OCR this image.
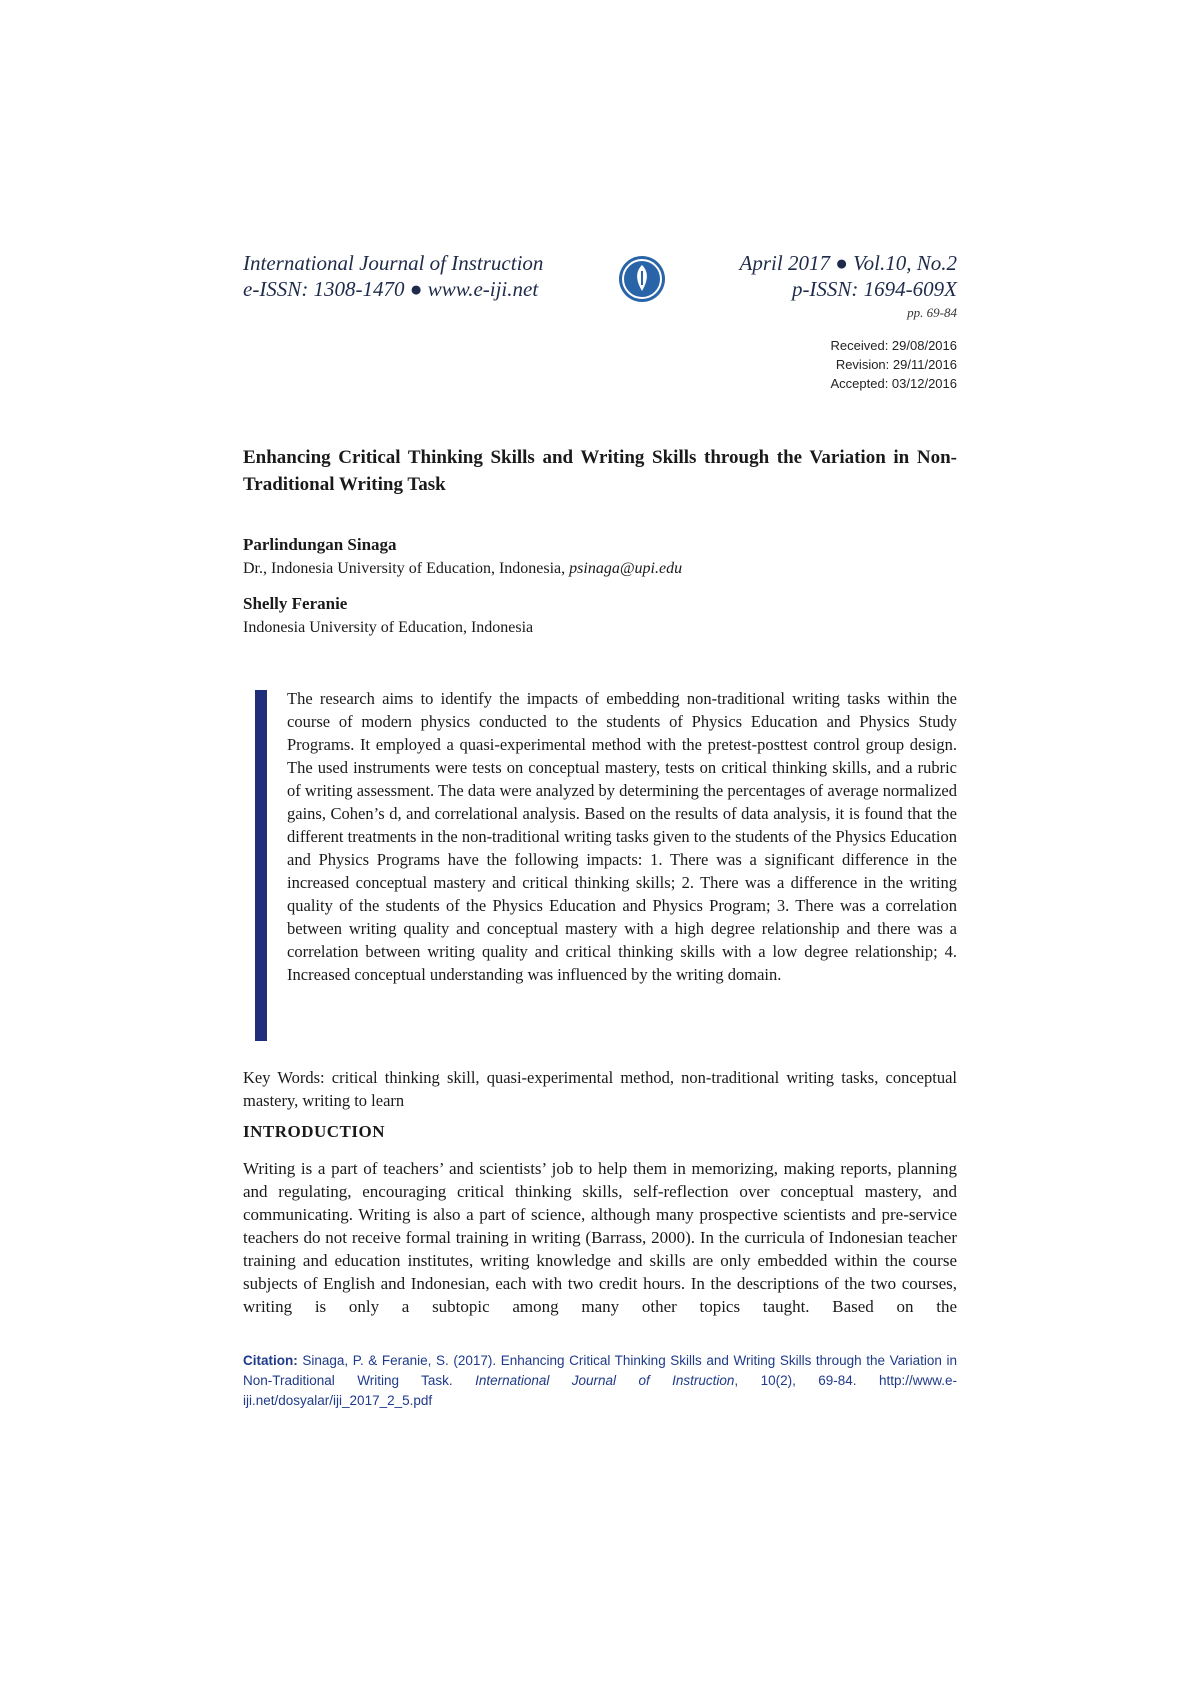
International Journal of Instruction
e-ISSN: 1308-1470 ● www.e-iji.net
April 2017 ● Vol.10, No.2
p-ISSN: 1694-609X
pp. 69-84
Received: 29/08/2016
Revision: 29/11/2016
Accepted: 03/12/2016
Enhancing Critical Thinking Skills and Writing Skills through the Variation in Non-Traditional Writing Task
Parlindungan Sinaga
Dr., Indonesia University of Education, Indonesia, psinaga@upi.edu
Shelly Feranie
Indonesia University of Education, Indonesia
The research aims to identify the impacts of embedding non-traditional writing tasks within the course of modern physics conducted to the students of Physics Education and Physics Study Programs. It employed a quasi-experimental method with the pretest-posttest control group design. The used instruments were tests on conceptual mastery, tests on critical thinking skills, and a rubric of writing assessment. The data were analyzed by determining the percentages of average normalized gains, Cohen’s d, and correlational analysis. Based on the results of data analysis, it is found that the different treatments in the non-traditional writing tasks given to the students of the Physics Education and Physics Programs have the following impacts: 1. There was a significant difference in the increased conceptual mastery and critical thinking skills; 2. There was a difference in the writing quality of the students of the Physics Education and Physics Program; 3. There was a correlation between writing quality and conceptual mastery with a high degree relationship and there was a correlation between writing quality and critical thinking skills with a low degree relationship; 4. Increased conceptual understanding was influenced by the writing domain.
Key Words: critical thinking skill, quasi-experimental method, non-traditional writing tasks, conceptual mastery, writing to learn
INTRODUCTION
Writing is a part of teachers’ and scientists’ job to help them in memorizing, making reports, planning and regulating, encouraging critical thinking skills, self-reflection over conceptual mastery, and communicating. Writing is also a part of science, although many prospective scientists and pre-service teachers do not receive formal training in writing (Barrass, 2000). In the curricula of Indonesian teacher training and education institutes, writing knowledge and skills are only embedded within the course subjects of English and Indonesian, each with two credit hours. In the descriptions of the two courses, writing is only a subtopic among many other topics taught. Based on the
Citation: Sinaga, P. & Feranie, S. (2017). Enhancing Critical Thinking Skills and Writing Skills through the Variation in Non-Traditional Writing Task. International Journal of Instruction, 10(2), 69-84. http://www.e-iji.net/dosyalar/iji_2017_2_5.pdf
